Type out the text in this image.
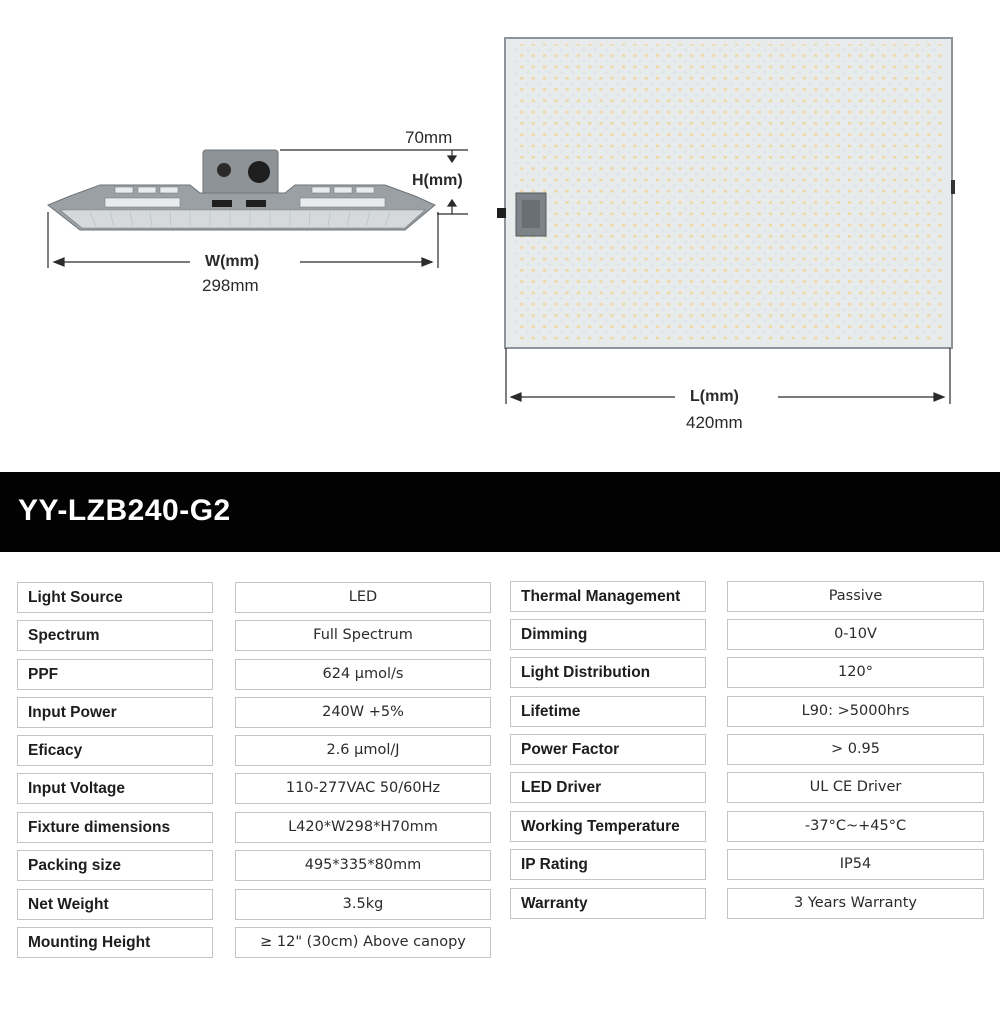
70mm
H(mm)
W(mm)
298mm
L(mm)
420mm
YY-LZB240-G2
Light Source	LED
Spectrum	Full Spectrum
PPF	624 µmol/s
Input Power	240W +5%
Eficacy	2.6 µmol/J
Input Voltage	110-277VAC 50/60Hz
Fixture dimensions	L420*W298*H70mm
Packing size	495*335*80mm
Net Weight	3.5kg
Mounting Height	≥ 12" (30cm) Above canopy
Thermal Management	Passive
Dimming	0-10V
Light Distribution	120°
Lifetime	L90: >5000hrs
Power Factor	> 0.95
LED Driver	UL CE Driver
Working Temperature	-37°C~+45°C
IP Rating	IP54
Warranty	3 Years Warranty
